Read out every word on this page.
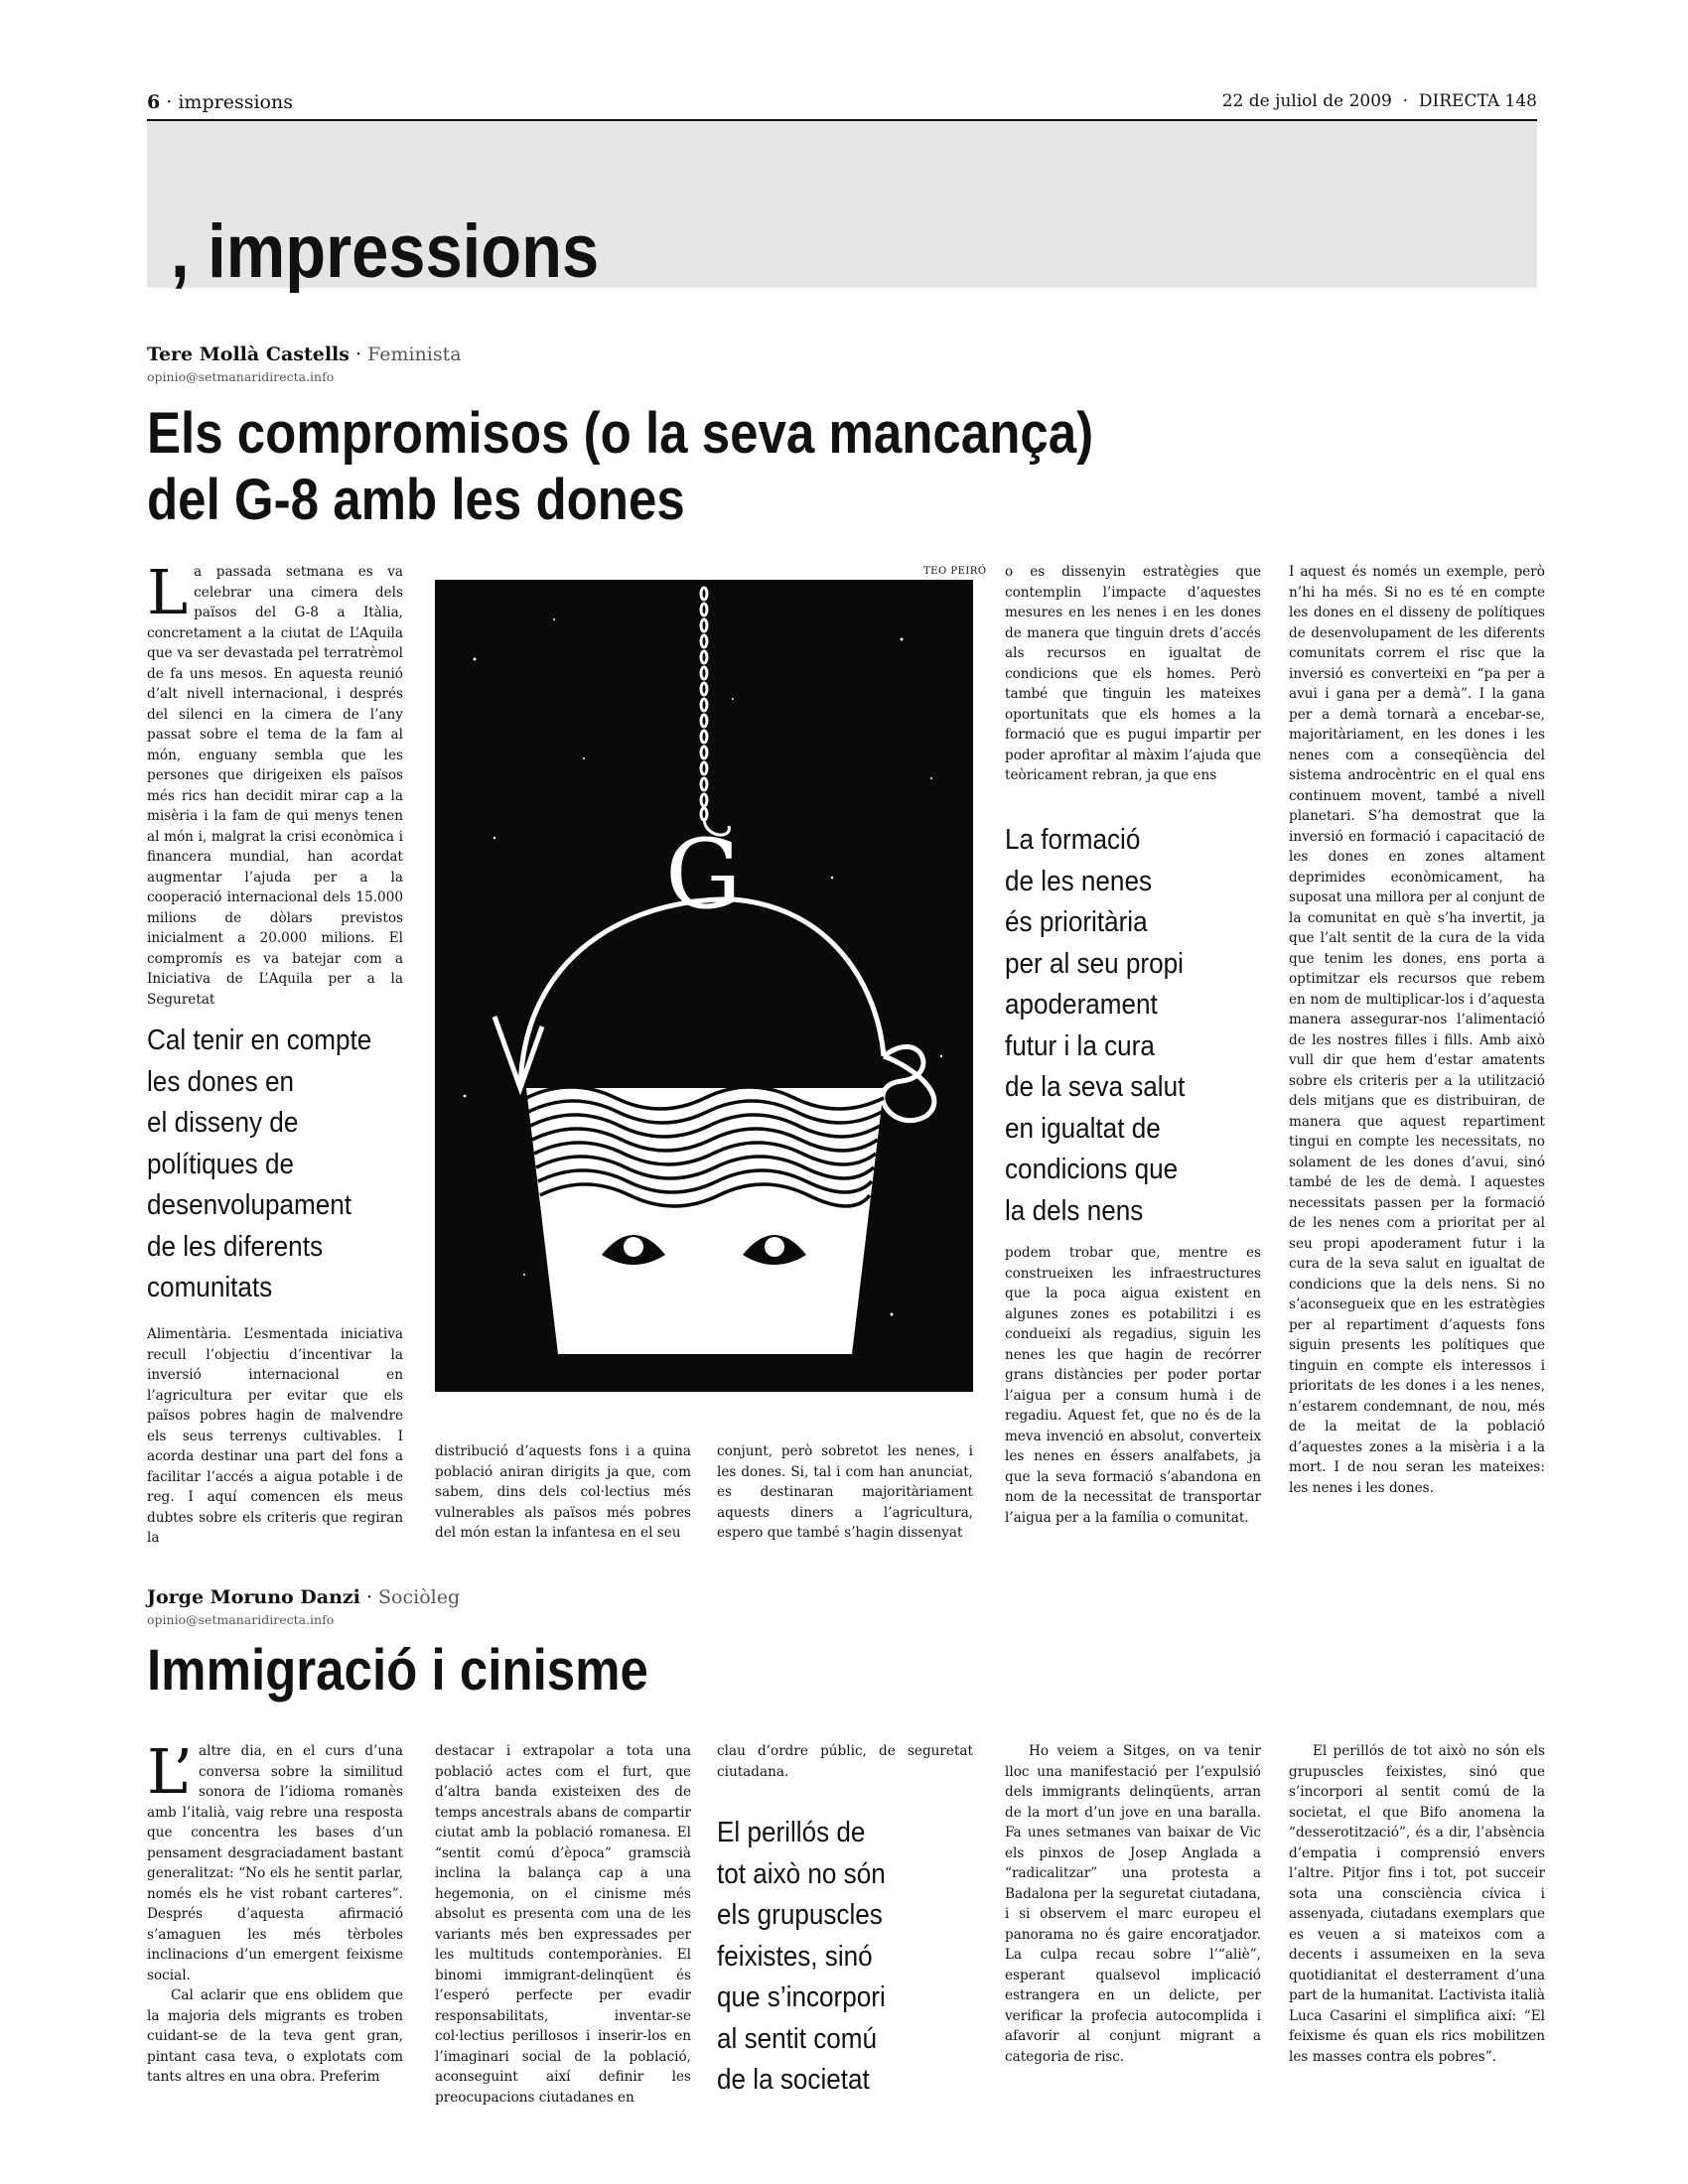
6 · impressions	22 de juliol de 2009  ·  DIRECTA 148
, impressions
Tere Mollà Castells · Feminista
opinio@setmanaridirecta.info
Els compromisos (o la seva mancança)
del G-8 amb les dones

La passada setmana es va celebrar una cimera dels països del G-8 a Itàlia, concretament a la ciutat de L’Aquila que va ser devastada pel terratrèmol de fa uns mesos. En aquesta reunió d’alt nivell internacional, i després del silenci en la cimera de l’any passat sobre el tema de la fam al món, enguany sembla que les persones que dirigeixen els països més rics han decidit mirar cap a la misèria i la fam de qui menys tenen al món i, malgrat la crisi econòmica i financera mundial, han acordat augmentar l’ajuda per a la cooperació internacional dels 15.000 milions de dòlars previstos inicialment a 20.000 milions. El compromís es va batejar com a Iniciativa de L’Aquila per a la Seguretat

Cal tenir en compte
les dones en
el disseny de
polítiques de
desenvolupament
de les diferents
comunitats

Alimentària. L’esmentada iniciativa recull l’objectiu d’incentivar la inversió internacional en l’agricultura per evitar que els països pobres hagin de malvendre els seus terrenys cultivables. I acorda destinar una part del fons a facilitar l’accés a aigua potable i de reg. I aquí comencen els meus dubtes sobre els criteris que regiran la

TEO PEIRÓ
G

distribució d’aquests fons i a quina població aniran dirigits ja que, com sabem, dins dels col·lectius més vulnerables als països més pobres del món estan la infantesa en el seu

conjunt, però sobretot les nenes, i les dones. Si, tal i com han anunciat, es destinaran majoritàriament aquests diners a l’agricultura, espero que també s’hagin dissenyat

o es dissenyin estratègies que contemplin l’impacte d’aquestes mesures en les nenes i en les dones de manera que tinguin drets d’accés als recursos en igualtat de condicions que els homes. Però també que tinguin les mateixes oportunitats que els homes a la formació que es pugui impartir per poder aprofitar al màxim l’ajuda que teòricament rebran, ja que ens

La formació
de les nenes
és prioritària
per al seu propi
apoderament
futur i la cura
de la seva salut
en igualtat de
condicions que
la dels nens

podem trobar que, mentre es construeixen les infraestructures que la poca aigua existent en algunes zones es potabilitzi i es condueixi als regadius, siguin les nenes les que hagin de recórrer grans distàncies per poder portar l’aigua per a consum humà i de regadiu. Aquest fet, que no és de la meva invenció en absolut, converteix les nenes en éssers analfabets, ja que la seva formació s’abandona en nom de la necessitat de transportar l’aigua per a la família o comunitat.

I aquest és només un exemple, però n’hi ha més. Si no es té en compte les dones en el disseny de polítiques de desenvolupament de les diferents comunitats correm el risc que la inversió es converteixi en “pa per a avui i gana per a demà”. I la gana per a demà tornarà a encebar-se, majoritàriament, en les dones i les nenes com a conseqüència del sistema androcèntric en el qual ens continuem movent, també a nivell planetari. S’ha demostrat que la inversió en formació i capacitació de les dones en zones altament deprimides econòmicament, ha suposat una millora per al conjunt de la comunitat en què s’ha invertit, ja que l’alt sentit de la cura de la vida que tenim les dones, ens porta a optimitzar els recursos que rebem en nom de multiplicar-los i d’aquesta manera assegurar-nos l’alimentació de les nostres filles i fills. Amb això vull dir que hem d’estar amatents sobre els criteris per a la utilització dels mitjans que es distribuiran, de manera que aquest repartiment tingui en compte les necessitats, no solament de les dones d’avui, sinó també de les de demà. I aquestes necessitats passen per la formació de les nenes com a prioritat per al seu propi apoderament futur i la cura de la seva salut en igualtat de condicions que la dels nens. Si no s’aconsegueix que en les estratègies per al repartiment d’aquests fons siguin presents les polítiques que tinguin en compte els interessos i prioritats de les dones i a les nenes, n’estarem condemnant, de nou, més de la meitat de la població d’aquestes zones a la misèria i a la mort. I de nou seran les mateixes: les nenes i les dones.

Jorge Moruno Danzi · Sociòleg
opinio@setmanaridirecta.info
Immigració i cinisme

L’ altre dia, en el curs d’una conversa sobre la similitud sonora de l’idioma romanès amb l’italià, vaig rebre una resposta que concentra les bases d’un pensament desgraciadament bastant generalitzat: “No els he sentit parlar, només els he vist robant carteres”. Després d’aquesta afirmació s’amaguen les més tèrboles inclinacions d’un emergent feixisme social.

Cal aclarir que ens oblidem que la majoria dels migrants es troben cuidant-se de la teva gent gran, pintant casa teva, o explotats com tants altres en una obra. Preferim

destacar i extrapolar a tota una població actes com el furt, que d’altra banda existeixen des de temps ancestrals abans de compartir ciutat amb la població romanesa. El “sentit comú d’època” gramscià inclina la balança cap a una hegemonia, on el cinisme més absolut es presenta com una de les variants més ben expressades per les multituds contemporànies. El binomi immigrant-delinqüent és l’esperó perfecte per evadir responsabilitats, inventar-se col·lectius perillosos i inserir-los en l’imaginari social de la població, aconseguint així definir les preocupacions ciutadanes en

clau d’ordre públic, de seguretat ciutadana.

El perillós de
tot això no són
els grupuscles
feixistes, sinó
que s’incorpori
al sentit comú
de la societat

Ho veiem a Sitges, on va tenir lloc una manifestació per l’expulsió dels immigrants delinqüents, arran de la mort d’un jove en una baralla. Fa unes setmanes van baixar de Vic els pinxos de Josep Anglada a “radicalitzar” una protesta a Badalona per la seguretat ciutadana, i si observem el marc europeu el panorama no és gaire encoratjador. La culpa recau sobre l’“aliè”, esperant qualsevol implicació estrangera en un delicte, per verificar la profecia autocomplida i afavorir al conjunt migrant a categoria de risc.

El perillós de tot això no són els grupuscles feixistes, sinó que s’incorpori al sentit comú de la societat, el que Bifo anomena la “desserotització”, és a dir, l’absència d’empatia i comprensió envers l’altre. Pitjor fins i tot, pot succeir sota una consciència cívica i assenyada, ciutadans exemplars que es veuen a si mateixos com a decents i assumeixen en la seva quotidianitat el desterrament d’una part de la humanitat. L’activista italià Luca Casarini el simplifica així: “El feixisme és quan els rics mobilitzen les masses contra els pobres”.
